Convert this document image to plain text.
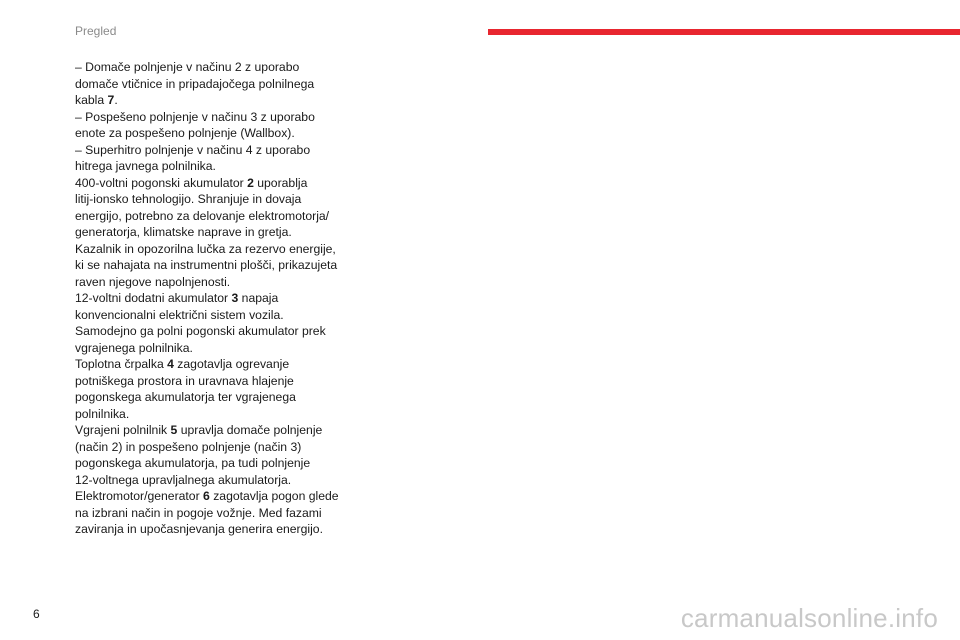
Pregled
– Domače polnjenje v načinu 2 z uporabo
domače vtičnice in pripadajočega polnilnega
kabla 7.
– Pospešeno polnjenje v načinu 3 z uporabo
enote za pospešeno polnjenje (Wallbox).
– Superhitro polnjenje v načinu 4 z uporabo
hitrega javnega polnilnika.
400-voltni pogonski akumulator 2 uporablja
litij-ionsko tehnologijo. Shranjuje in dovaja
energijo, potrebno za delovanje elektromotorja/
generatorja, klimatske naprave in gretja.
Kazalnik in opozorilna lučka za rezervo energije,
ki se nahajata na instrumentni plošči, prikazujeta
raven njegove napolnjenosti.
12-voltni dodatni akumulator 3 napaja
konvencionalni električni sistem vozila.
Samodejno ga polni pogonski akumulator prek
vgrajenega polnilnika.
Toplotna črpalka 4 zagotavlja ogrevanje
potniškega prostora in uravnava hlajenje
pogonskega akumulatorja ter vgrajenega
polnilnika.
Vgrajeni polnilnik 5 upravlja domače polnjenje
(način 2) in pospešeno polnjenje (način 3)
pogonskega akumulatorja, pa tudi polnjenje
12-voltnega upravljalnega akumulatorja.
Elektromotor/generator 6 zagotavlja pogon glede
na izbrani način in pogoje vožnje. Med fazami
zaviranja in upočasnjevanja generira energijo.
6	carmanualsonline.info
